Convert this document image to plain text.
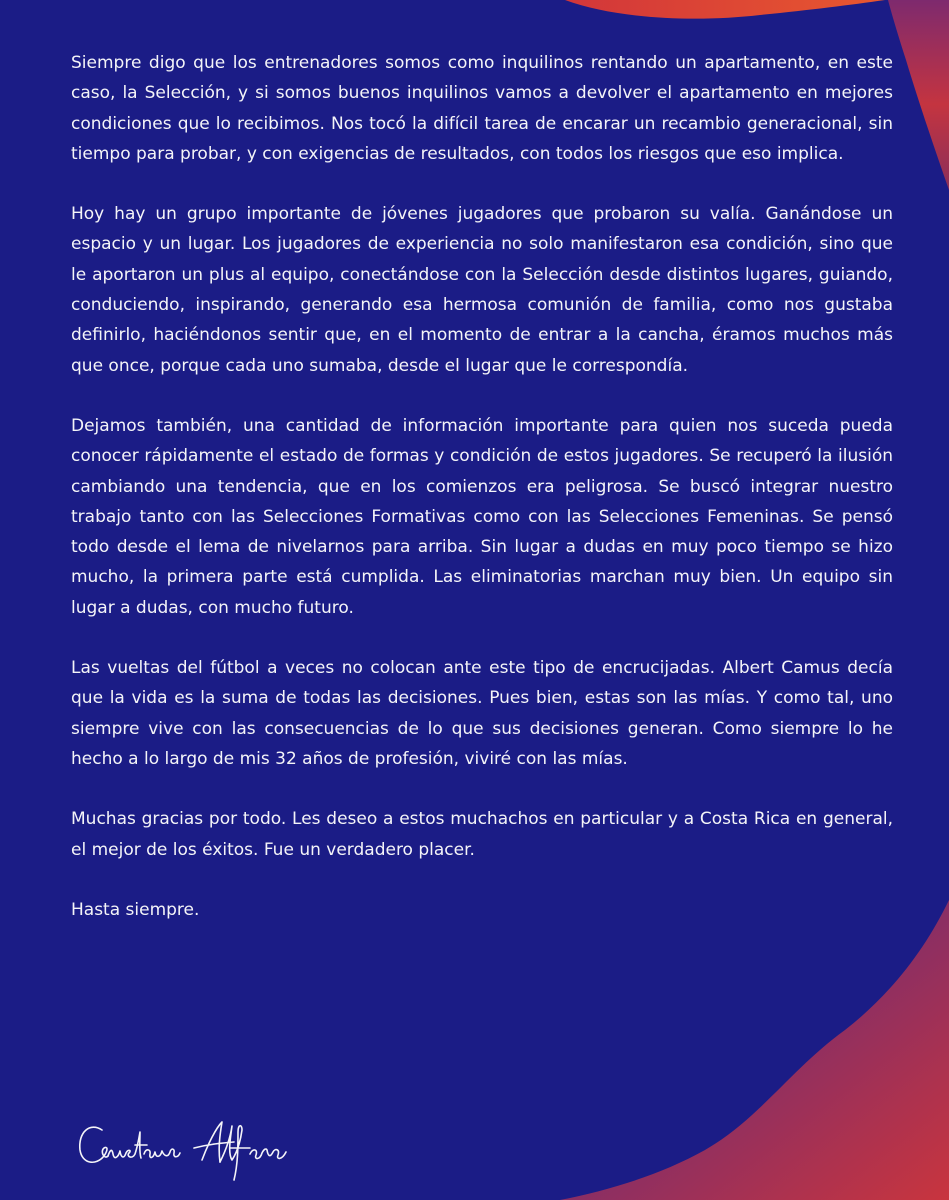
Siempre digo que los entrenadores somos como inquilinos rentando un apartamento, en este caso, la Selección, y si somos buenos inquilinos vamos a devolver el apartamento en mejores condiciones que lo recibimos. Nos tocó la difícil tarea de encarar un recambio generacional, sin tiempo para probar, y con exigencias de resultados, con todos los riesgos que eso implica.

Hoy hay un grupo importante de jóvenes jugadores que probaron su valía. Ganándose un espacio y un lugar. Los jugadores de experiencia no solo manifestaron esa condición, sino que le aportaron un plus al equipo, conectándose con la Selección desde distintos lugares, guiando, conduciendo, inspirando, generando esa hermosa comunión de familia, como nos gustaba definirlo, haciéndonos sentir que, en el momento de entrar a la cancha, éramos muchos más que once, porque cada uno sumaba, desde el lugar que le correspondía.

Dejamos también, una cantidad de información importante para quien nos suceda pueda conocer rápidamente el estado de formas y condición de estos jugadores. Se recuperó la ilusión cambiando una tendencia, que en los comienzos era peligrosa. Se buscó integrar nuestro trabajo tanto con las Selecciones Formativas como con las Selecciones Femeninas. Se pensó todo desde el lema de nivelarnos para arriba. Sin lugar a dudas en muy poco tiempo se hizo mucho, la primera parte está cumplida. Las eliminatorias marchan muy bien. Un equipo sin lugar a dudas, con mucho futuro.

Las vueltas del fútbol a veces no colocan ante este tipo de encrucijadas. Albert Camus decía que la vida es la suma de todas las decisiones. Pues bien, estas son las mías. Y como tal, uno siempre vive con las consecuencias de lo que sus decisiones generan. Como siempre lo he hecho a lo largo de mis 32 años de profesión, viviré con las mías.

Muchas gracias por todo. Les deseo a estos muchachos en particular y a Costa Rica en general, el mejor de los éxitos. Fue un verdadero placer.

Hasta siempre.
